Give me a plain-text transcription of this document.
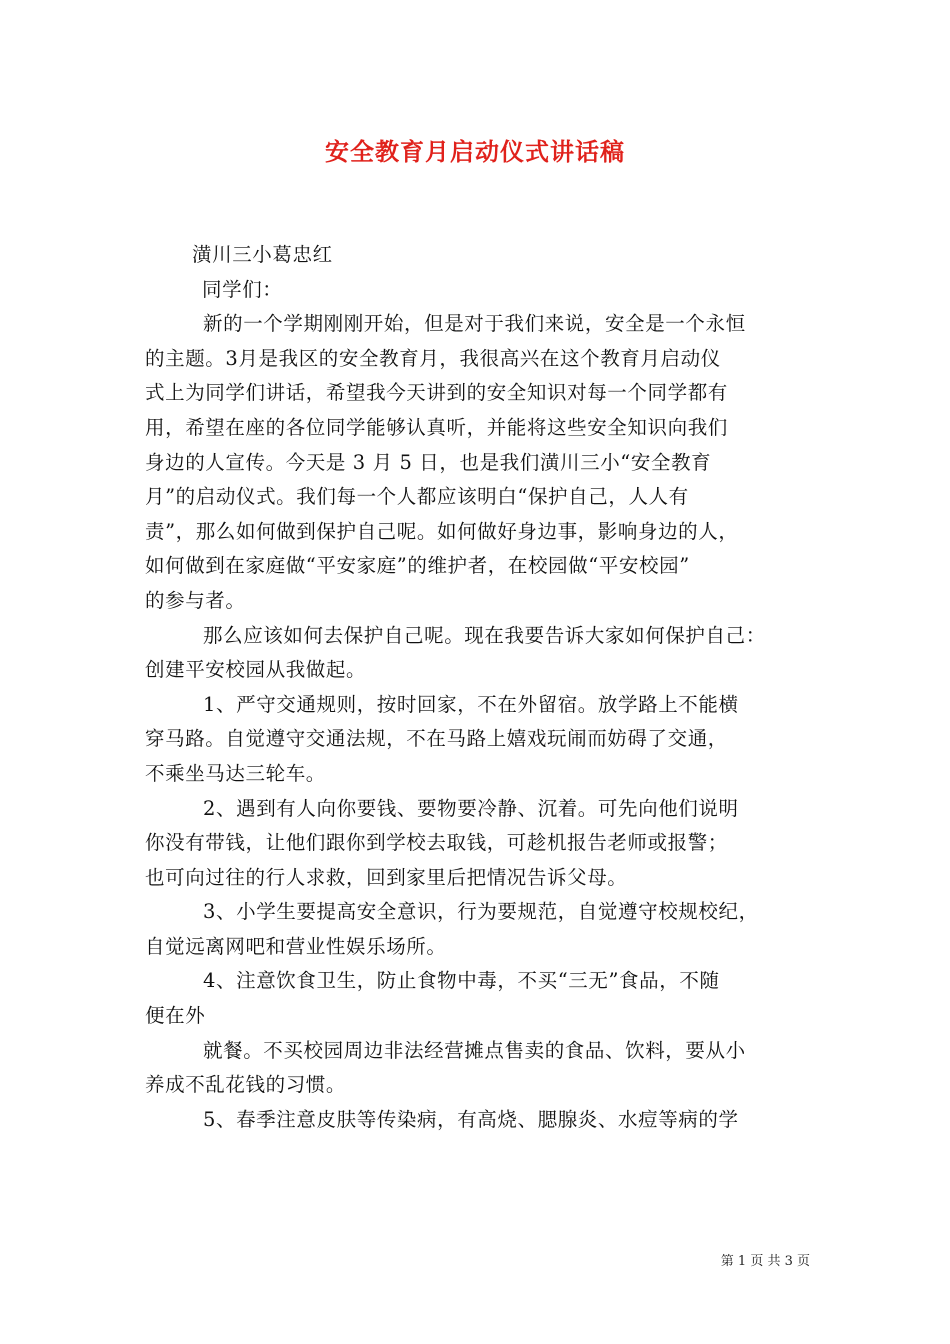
安全教育月启动仪式讲话稿
潢川三小葛忠红
同学们：
新的一个学期刚刚开始，但是对于我们来说，安全是一个永恒
的主题。3月是我区的安全教育月，我很高兴在这个教育月启动仪
式上为同学们讲话，希望我今天讲到的安全知识对每一个同学都有
用，希望在座的各位同学能够认真听，并能将这些安全知识向我们
身边的人宣传。今天是 3 月 5 日，也是我们潢川三小“安全教育
月”的启动仪式。我们每一个人都应该明白“保护自己，人人有
责”，那么如何做到保护自己呢。如何做好身边事，影响身边的人，
如何做到在家庭做“平安家庭”的维护者，在校园做“平安校园”
的参与者。
那么应该如何去保护自己呢。现在我要告诉大家如何保护自己：
创建平安校园从我做起。
1、严守交通规则，按时回家，不在外留宿。放学路上不能横
穿马路。自觉遵守交通法规，不在马路上嬉戏玩闹而妨碍了交通，
不乘坐马达三轮车。
2、遇到有人向你要钱、要物要冷静、沉着。可先向他们说明
你没有带钱，让他们跟你到学校去取钱，可趁机报告老师或报警；
也可向过往的行人求救，回到家里后把情况告诉父母。
3、小学生要提高安全意识，行为要规范，自觉遵守校规校纪，
自觉远离网吧和营业性娱乐场所。
4、注意饮食卫生，防止食物中毒，不买“三无”食品，不随
便在外
就餐。不买校园周边非法经营摊点售卖的食品、饮料，要从小
养成不乱花钱的习惯。
5、春季注意皮肤等传染病，有高烧、腮腺炎、水痘等病的学
第 1 页 共 3 页
